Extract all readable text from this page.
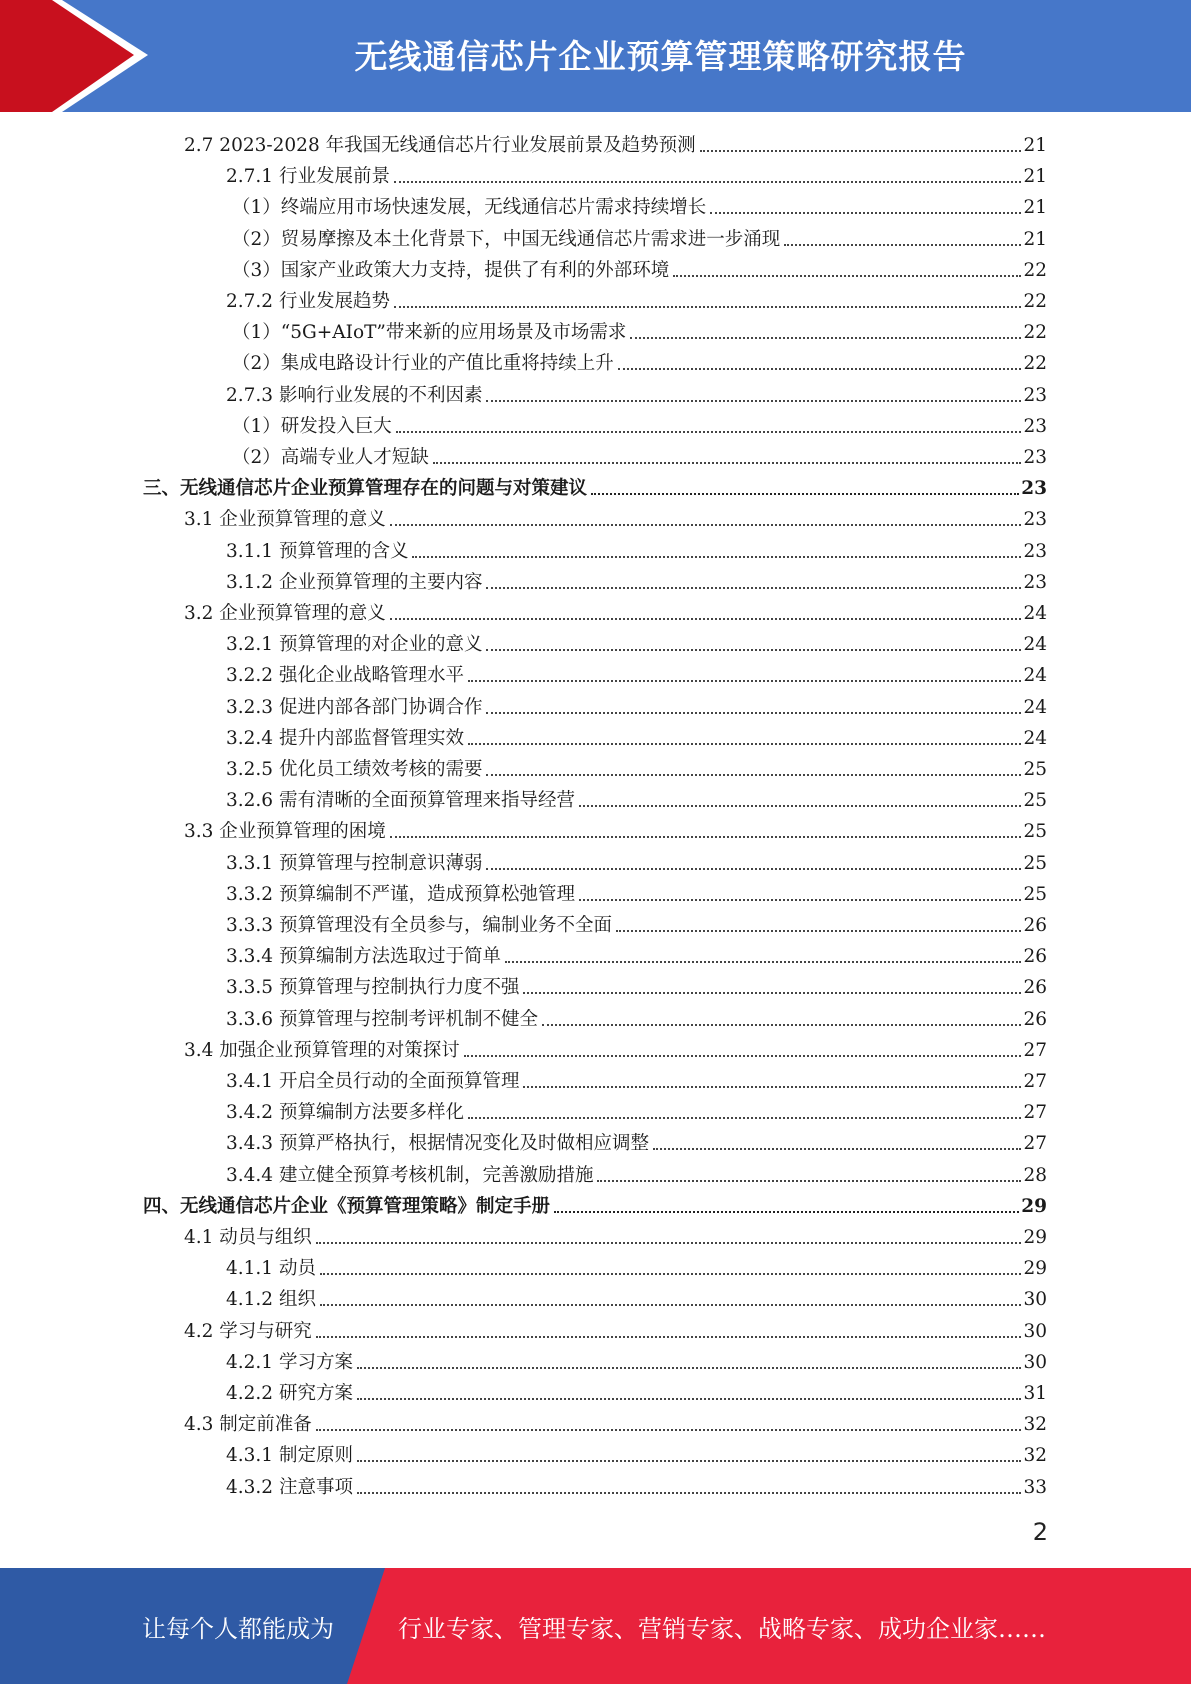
无线通信芯片企业预算管理策略研究报告
2.7 2023-2028 年我国无线通信芯片行业发展前景及趋势预测	21
2.7.1 行业发展前景	21
（1）终端应用市场快速发展，无线通信芯片需求持续增长	21
（2）贸易摩擦及本土化背景下，中国无线通信芯片需求进一步涌现	21
（3）国家产业政策大力支持，提供了有利的外部环境	22
2.7.2 行业发展趋势	22
（1）“5G+AIoT”带来新的应用场景及市场需求	22
（2）集成电路设计行业的产值比重将持续上升	22
2.7.3 影响行业发展的不利因素	23
（1）研发投入巨大	23
（2）高端专业人才短缺	23
三、无线通信芯片企业预算管理存在的问题与对策建议	23
3.1 企业预算管理的意义	23
3.1.1 预算管理的含义	23
3.1.2 企业预算管理的主要内容	23
3.2 企业预算管理的意义	24
3.2.1 预算管理的对企业的意义	24
3.2.2 强化企业战略管理水平	24
3.2.3 促进内部各部门协调合作	24
3.2.4 提升内部监督管理实效	24
3.2.5 优化员工绩效考核的需要	25
3.2.6 需有清晰的全面预算管理来指导经营	25
3.3 企业预算管理的困境	25
3.3.1 预算管理与控制意识薄弱	25
3.3.2 预算编制不严谨，造成预算松弛管理	25
3.3.3 预算管理没有全员参与，编制业务不全面	26
3.3.4 预算编制方法选取过于简单	26
3.3.5 预算管理与控制执行力度不强	26
3.3.6 预算管理与控制考评机制不健全	26
3.4 加强企业预算管理的对策探讨	27
3.4.1 开启全员行动的全面预算管理	27
3.4.2 预算编制方法要多样化	27
3.4.3 预算严格执行，根据情况变化及时做相应调整	27
3.4.4 建立健全预算考核机制，完善激励措施	28
四、无线通信芯片企业《预算管理策略》制定手册	29
4.1 动员与组织	29
4.1.1 动员	29
4.1.2 组织	30
4.2 学习与研究	30
4.2.1 学习方案	30
4.2.2 研究方案	31
4.3 制定前准备	32
4.3.1 制定原则	32
4.3.2 注意事项	33
2
让每个人都能成为	行业专家、管理专家、营销专家、战略专家、成功企业家……
